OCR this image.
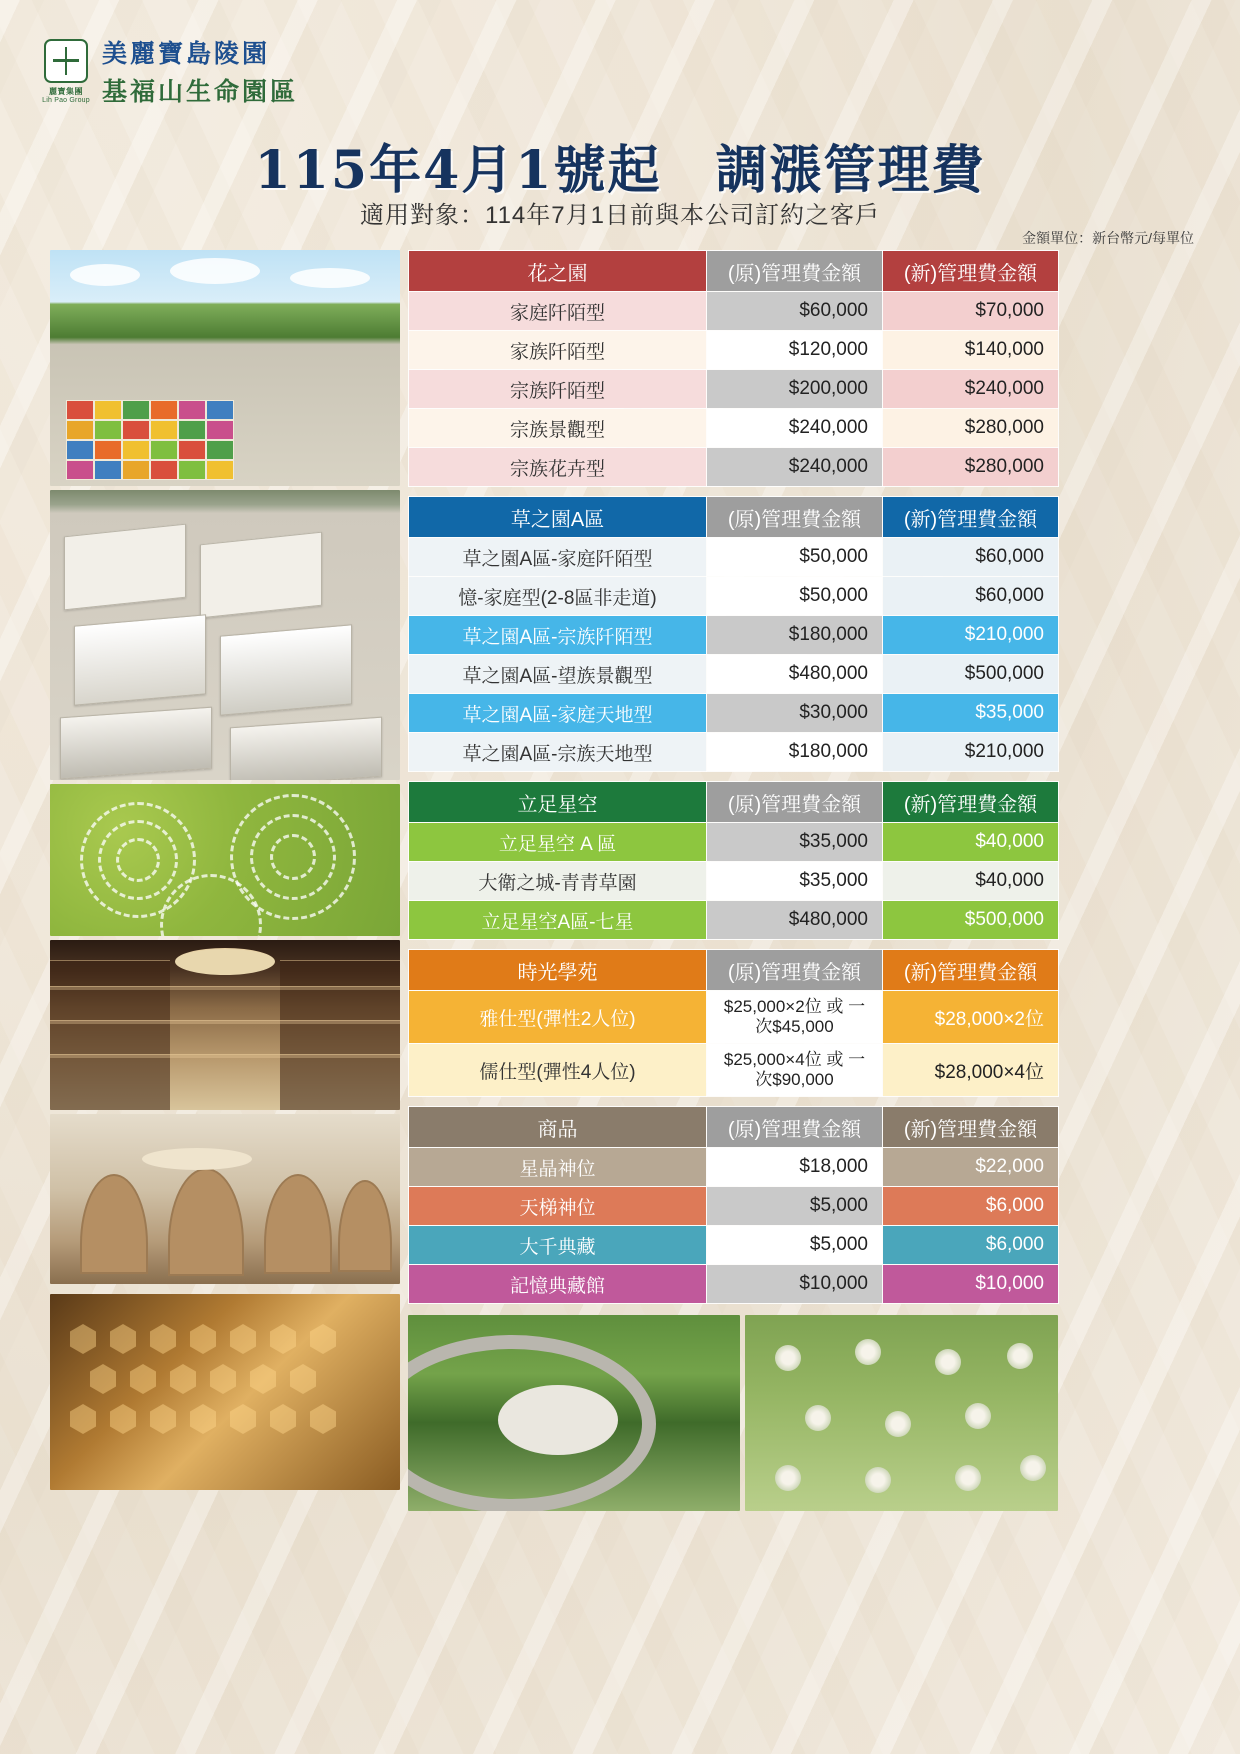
麗寶集團
Lih Pao Group
美麗寶島陵園
基福山生命園區
115年4月1號起　調漲管理費
適用對象：114年7月1日前與本公司訂約之客戶
金額單位：新台幣元/每單位
花之園	(原)管理費金額	(新)管理費金額
家庭阡陌型	$60,000	$70,000
家族阡陌型	$120,000	$140,000
宗族阡陌型	$200,000	$240,000
宗族景觀型	$240,000	$280,000
宗族花卉型	$240,000	$280,000
草之園A區	(原)管理費金額	(新)管理費金額
草之園A區-家庭阡陌型	$50,000	$60,000
憶-家庭型(2-8區非走道)	$50,000	$60,000
草之園A區-宗族阡陌型	$180,000	$210,000
草之園A區-望族景觀型	$480,000	$500,000
草之園A區-家庭天地型	$30,000	$35,000
草之園A區-宗族天地型	$180,000	$210,000
立足星空	(原)管理費金額	(新)管理費金額
立足星空 A 區	$35,000	$40,000
大衛之城-青青草園	$35,000	$40,000
立足星空A區-七星	$480,000	$500,000
時光學苑	(原)管理費金額	(新)管理費金額
雅仕型(彈性2人位)	$25,000×2位 或 一次$45,000	$28,000×2位
儒仕型(彈性4人位)	$25,000×4位 或 一次$90,000	$28,000×4位
商品	(原)管理費金額	(新)管理費金額
星晶神位	$18,000	$22,000
天梯神位	$5,000	$6,000
大千典藏	$5,000	$6,000
記憶典藏館	$10,000	$10,000
